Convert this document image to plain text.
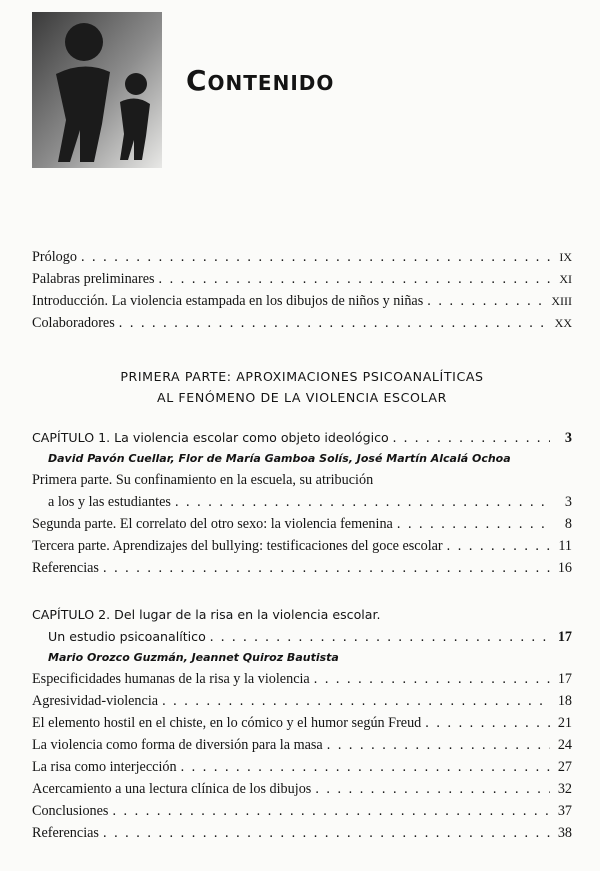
Contenido
Prólogo . . .	IX
Palabras preliminares . . .	XI
Introducción. La violencia estampada en los dibujos de niños y niñas . . .	XIII
Colaboradores . . .	XX
PRIMERA PARTE: APROXIMACIONES PSICOANALÍTICAS
AL FENÓMENO DE LA VIOLENCIA ESCOLAR
CAPÍTULO 1. La violencia escolar como objeto ideológico . . .	3
David Pavón Cuellar, Flor de María Gamboa Solís, José Martín Alcalá Ochoa
Primera parte. Su confinamiento en la escuela, su atribución
a los y las estudiantes . . .	3
Segunda parte. El correlato del otro sexo: la violencia femenina . . .	8
Tercera parte. Aprendizajes del bullying: testificaciones del goce escolar . . .	11
Referencias . . .	16
CAPÍTULO 2. Del lugar de la risa en la violencia escolar.
Un estudio psicoanalítico . . .	17
Mario Orozco Guzmán, Jeannet Quiroz Bautista
Especificidades humanas de la risa y la violencia . . .	17
Agresividad-violencia . . .	18
El elemento hostil en el chiste, en lo cómico y el humor según Freud . . .	21
La violencia como forma de diversión para la masa . . .	24
La risa como interjección . . .	27
Acercamiento a una lectura clínica de los dibujos . . .	32
Conclusiones . . .	37
Referencias . . .	38
